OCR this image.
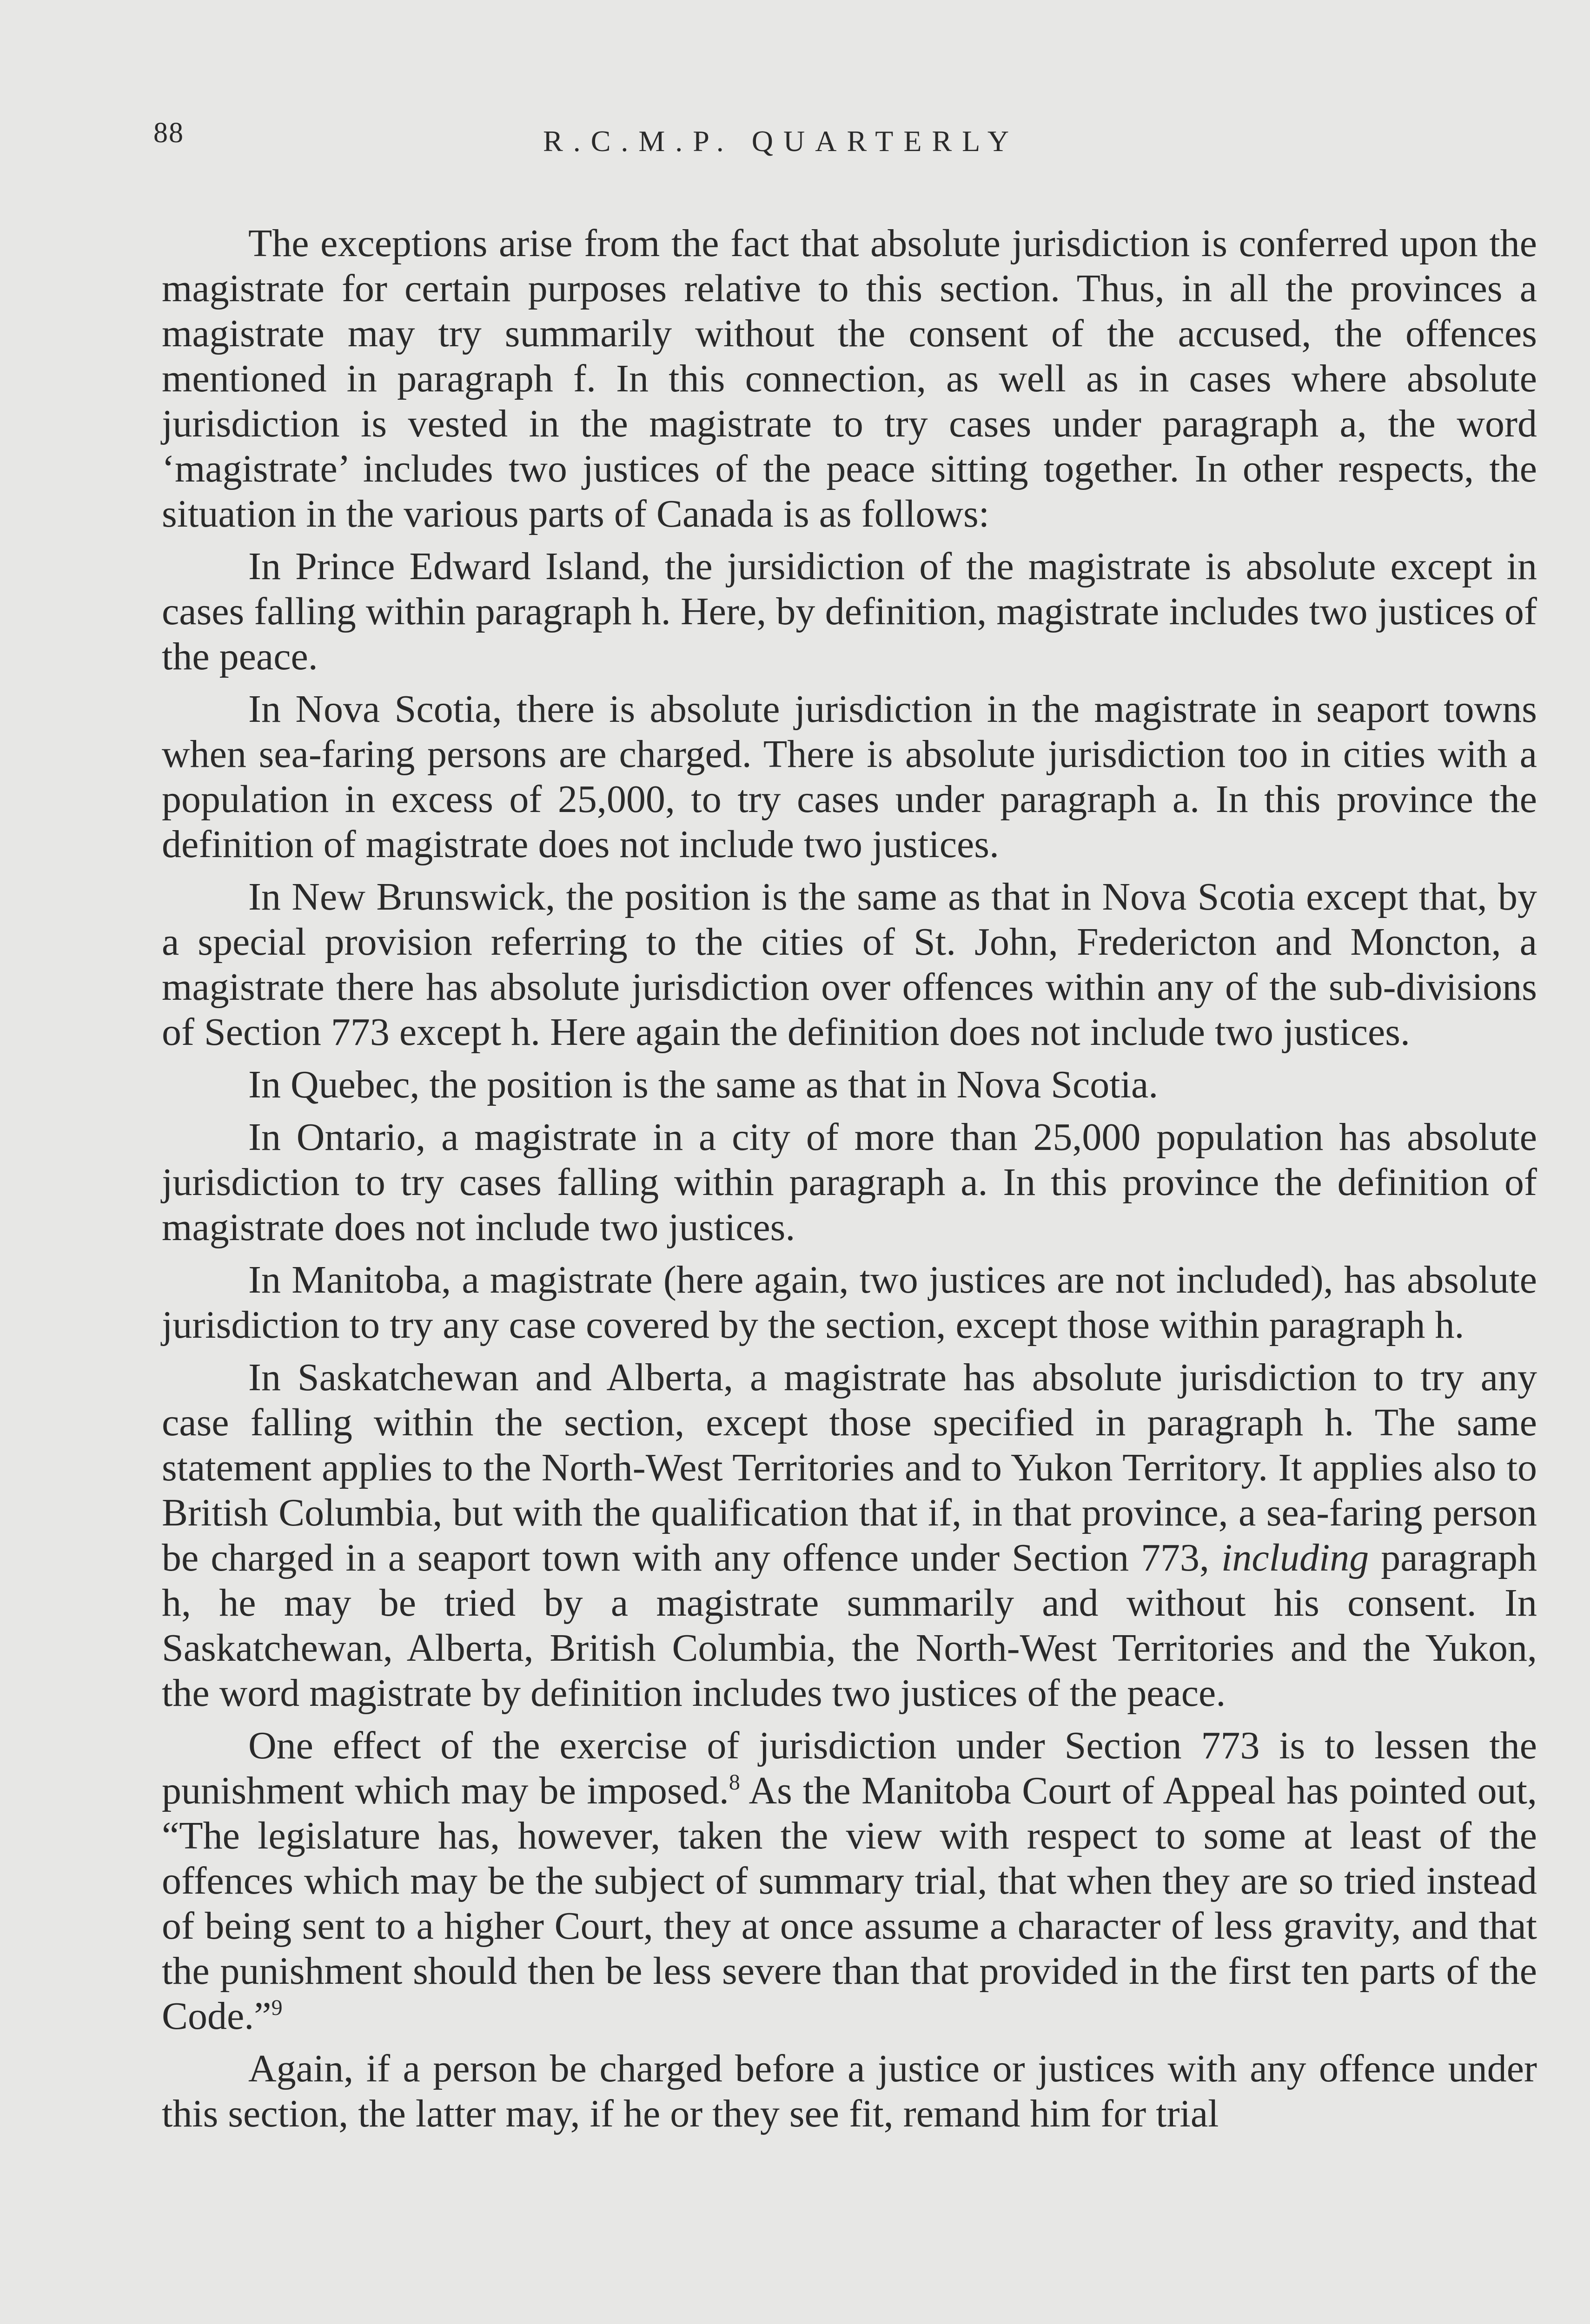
88	R.C.M.P. QUARTERLY

The exceptions arise from the fact that absolute jurisdiction is conferred upon the magistrate for certain purposes relative to this section. Thus, in all the provinces a magistrate may try summarily without the consent of the accused, the offences mentioned in paragraph f. In this connection, as well as in cases where absolute jurisdiction is vested in the magistrate to try cases under paragraph a, the word ‘magistrate’ includes two justices of the peace sitting together. In other respects, the situation in the various parts of Canada is as follows:

In Prince Edward Island, the jursidiction of the magistrate is absolute except in cases falling within paragraph h. Here, by definition, magistrate includes two justices of the peace.

In Nova Scotia, there is absolute jurisdiction in the magistrate in seaport towns when sea-faring persons are charged. There is absolute jurisdiction too in cities with a population in excess of 25,000, to try cases under paragraph a. In this province the definition of magistrate does not include two justices.

In New Brunswick, the position is the same as that in Nova Scotia except that, by a special provision referring to the cities of St. John, Fredericton and Moncton, a magistrate there has absolute jurisdiction over offences within any of the sub-divisions of Section 773 except h. Here again the definition does not include two justices.

In Quebec, the position is the same as that in Nova Scotia.

In Ontario, a magistrate in a city of more than 25,000 population has absolute jurisdiction to try cases falling within paragraph a. In this province the definition of magistrate does not include two justices.

In Manitoba, a magistrate (here again, two justices are not included), has absolute jurisdiction to try any case covered by the section, except those within paragraph h.

In Saskatchewan and Alberta, a magistrate has absolute jurisdiction to try any case falling within the section, except those specified in paragraph h. The same statement applies to the North-West Territories and to Yukon Territory. It applies also to British Columbia, but with the qualification that if, in that province, a sea-faring person be charged in a seaport town with any offence under Section 773, including paragraph h, he may be tried by a magistrate summarily and without his consent. In Saskatchewan, Alberta, British Columbia, the North-West Territories and the Yukon, the word magistrate by definition includes two justices of the peace.

One effect of the exercise of jurisdiction under Section 773 is to lessen the punishment which may be imposed.$^8$ As the Manitoba Court of Appeal has pointed out, “The legislature has, however, taken the view with respect to some at least of the offences which may be the subject of summary trial, that when they are so tried instead of being sent to a higher Court, they at once assume a character of less gravity, and that the punishment should then be less severe than that provided in the first ten parts of the Code.”$^9$

Again, if a person be charged before a justice or justices with any offence under this section, the latter may, if he or they see fit, remand him for trial
